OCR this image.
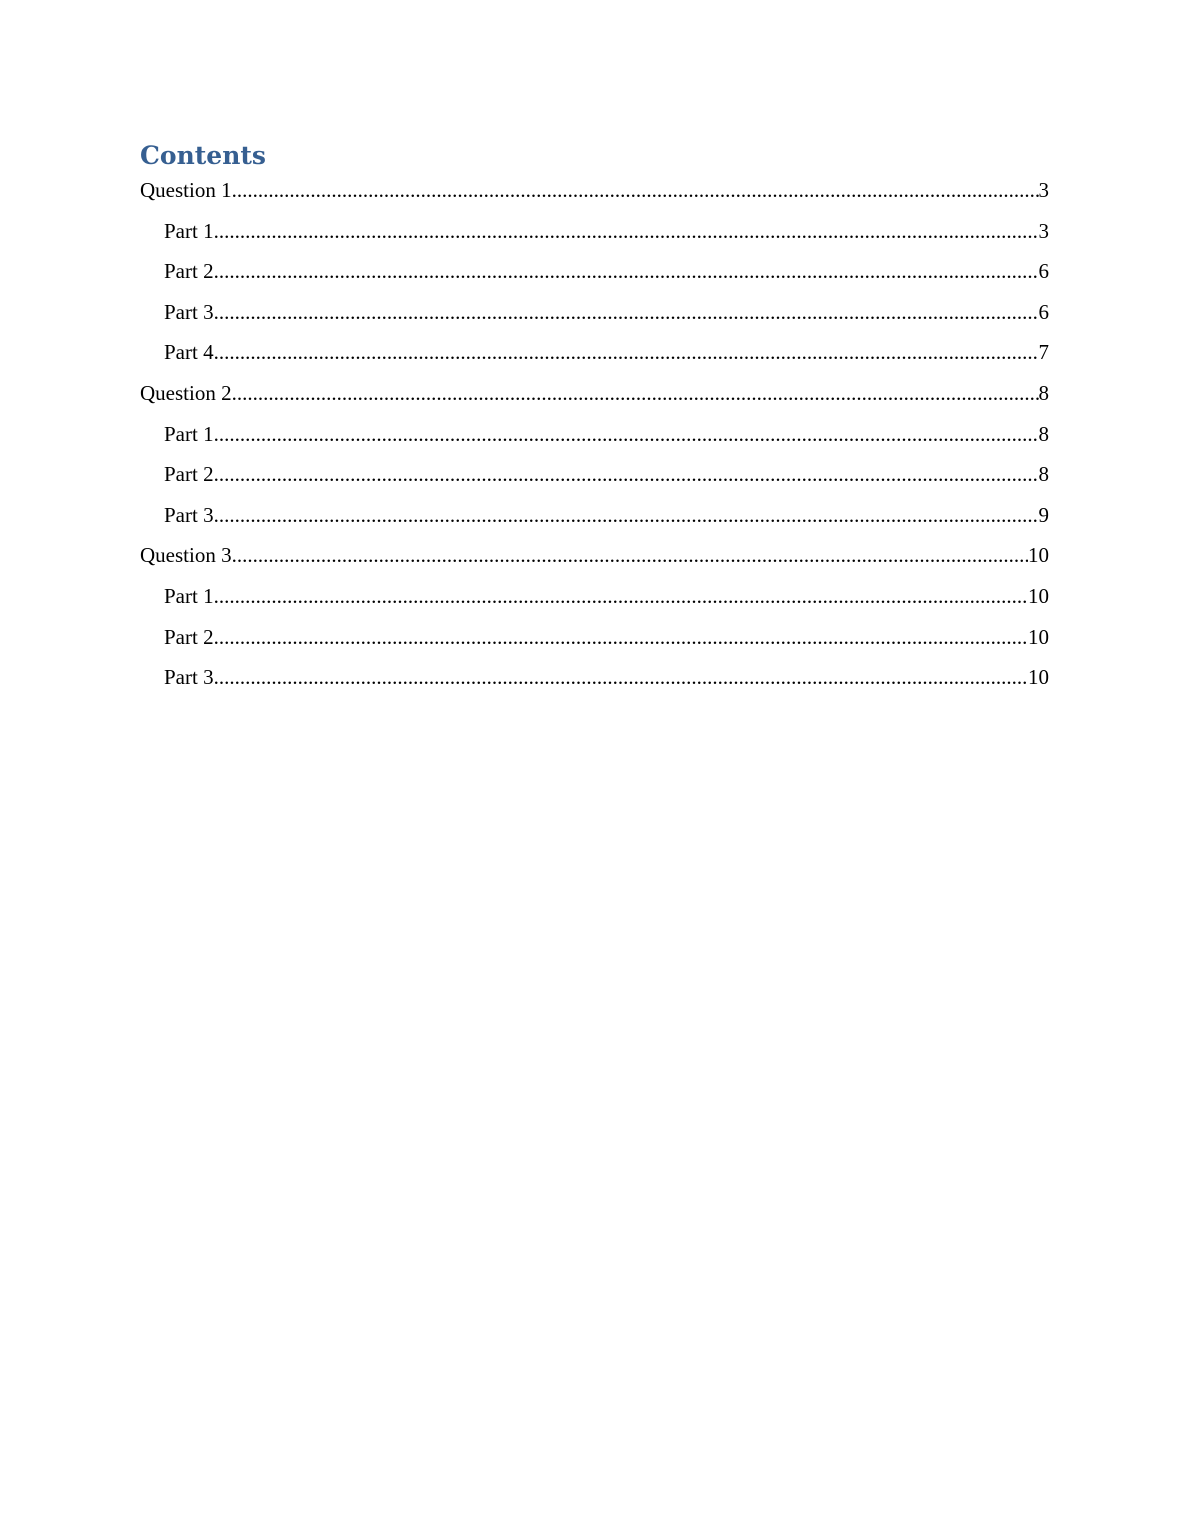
Contents
Question 1 .....	3
Part 1 .....	3
Part 2 .....	6
Part 3 .....	6
Part 4 .....	7
Question 2 .....	8
Part 1 .....	8
Part 2 .....	8
Part 3 .....	9
Question 3 .....	10
Part 1 .....	10
Part 2 .....	10
Part 3 .....	10
